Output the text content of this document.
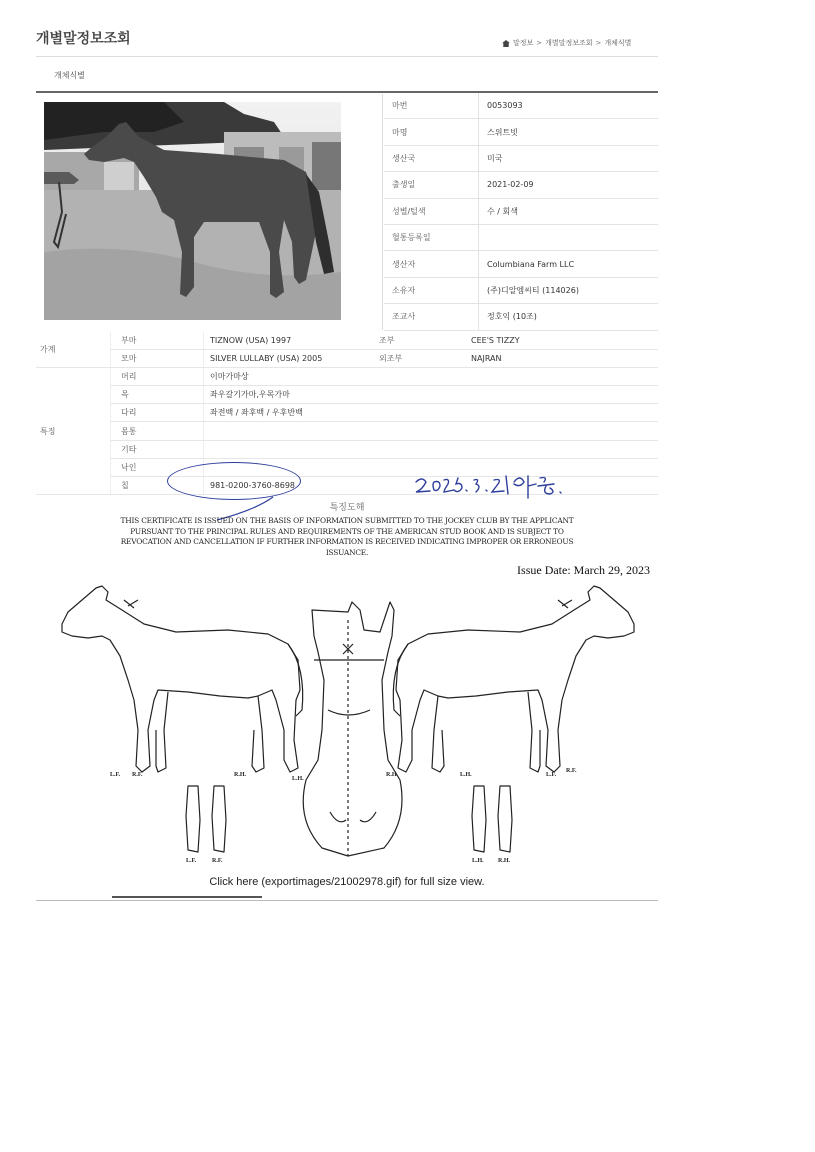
개별말정보조회	말정보 > 개별말정보조회 > 개체식별
개체식별
마번	0053093
마명	스위트빗
생산국	미국
출생일	2021-02-09
성별/털색	수 / 회색
혈통등록일	
생산자	Columbiana Farm LLC
소유자	(주)디알엠씨티 (114026)
조교사	정호익 (10조)
가계	부마	TIZNOW (USA) 1997	조부	CEE'S TIZZY
	모마	SILVER LULLABY (USA) 2005	외조부	NAJRAN
특징	머리	이마가마상		
	목	좌우갈기가마,우목가마		
	다리	좌전백 / 좌후백 / 우후반백		
	몸통			
	기타			
	낙인			
	칩	981-0200-3760-8698		
특징도해
THIS CERTIFICATE IS ISSUED ON THE BASIS OF INFORMATION SUBMITTED TO THE JOCKEY CLUB BY THE APPLICANT PURSUANT TO THE PRINCIPAL RULES AND REQUIREMENTS OF THE AMERICAN STUD BOOK AND IS SUBJECT TO REVOCATION AND CANCELLATION IF FURTHER INFORMATION IS RECEIVED INDICATING IMPROPER OR ERRONEOUS ISSUANCE.
Issue Date: March 29, 2023
L.F. R.F.	R.H.
L.H.
R.H.	L.H.	L.F.
R.F.
L.F.	R.F.	L.H. R.H.
Click here (exportimages/21002978.gif) for full size view.
